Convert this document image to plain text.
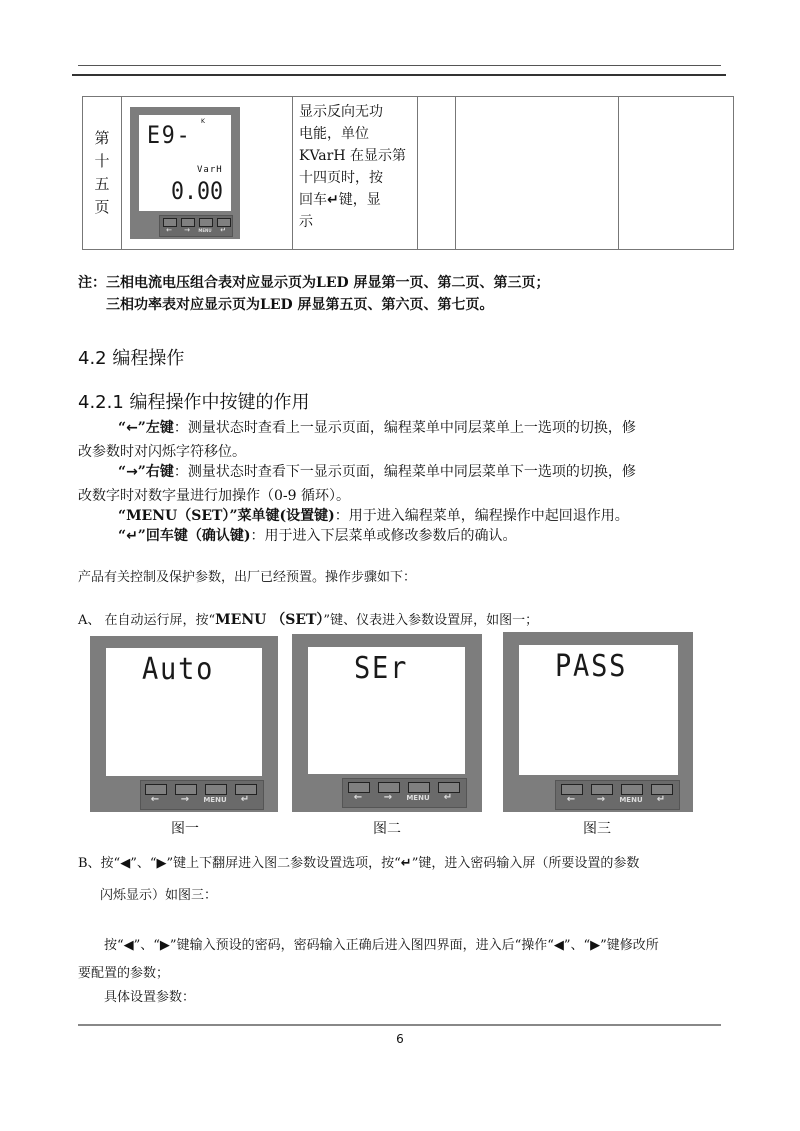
第
十
五
页

E9- K
VarH
0.00
←	→	MENU	↵

显示反向无功
电能，单位
KVarH 在显示第
十四页时，按
回车↵键，显
示

注：三相电流电压组合表对应显示页为LED 屏显第一页、第二页、第三页；
三相功率表对应显示页为LED 屏显第五页、第六页、第七页。
4.2 编程操作
4.2.1 编程操作中按键的作用
“←”左键：测量状态时查看上一显示页面，编程菜单中同层菜单上一选项的切换，修
改参数时对闪烁字符移位。
“→”右键：测量状态时查看下一显示页面，编程菜单中同层菜单下一选项的切换，修
改数字时对数字量进行加操作（0-9 循环）。
“MENU（SET）”菜单键(设置键)：用于进入编程菜单，编程操作中起回退作用。
“↵”回车键（确认键)：用于进入下层菜单或修改参数后的确认。
产品有关控制及保护参数，出厂已经预置。操作步骤如下：
A、 在自动运行屏，按“MENU （SET）”键、仪表进入参数设置屏，如图一；
Auto
←	→	MENU	↵
图一
SEr
←	→	MENU	↵
图二
PASS
←	→	MENU	↵
图三
B、按“◀”、“▶”键上下翻屏进入图二参数设置选项，按“↵”键，进入密码输入屏（所要设置的参数
闪烁显示）如图三：
按“◀”、“▶”键输入预设的密码，密码输入正确后进入图四界面，进入后“操作“◀”、“▶”键修改所
要配置的参数；
具体设置参数：
6
